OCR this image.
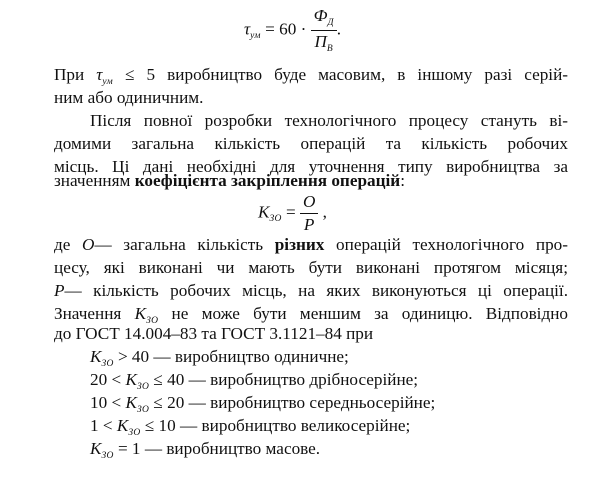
$\tau_{ум} = 60 \cdot \frac{Ф_Д}{П_В}$ .
При $\tau_{ум} \le 5$ виробництво буде масовим, в іншому разі серій-
ним або одиничним.
Після повної розробки технологічного процесу стануть ві-
домими загальна кількість операцій та кількість робочих
місць. Ці дані необхідні для уточнення типу виробництва за
значенням коефіцієнта закріплення операцій:
$K_{ЗО} = \frac{O}{P}$ ,
де O— загальна кількість різних операцій технологічного про-
цесу, які виконані чи мають бути виконані протягом місяця;
P— кількість робочих місць, на яких виконуються ці операції.
Значення $K_{ЗО}$ не може бути меншим за одиницю. Відповідно
до ГОСТ 14.004–83 та ГОСТ 3.1121–84 при
$K_{ЗО} > 40$ — виробництво одиничне;
$20 < K_{ЗО} \le 40$ — виробництво дрібносерійне;
$10 < K_{ЗО} \le 20$ — виробництво середньосерійне;
$1 < K_{ЗО} \le 10$ — виробництво великосерійне;
$K_{ЗО} = 1$ — виробництво масове.
